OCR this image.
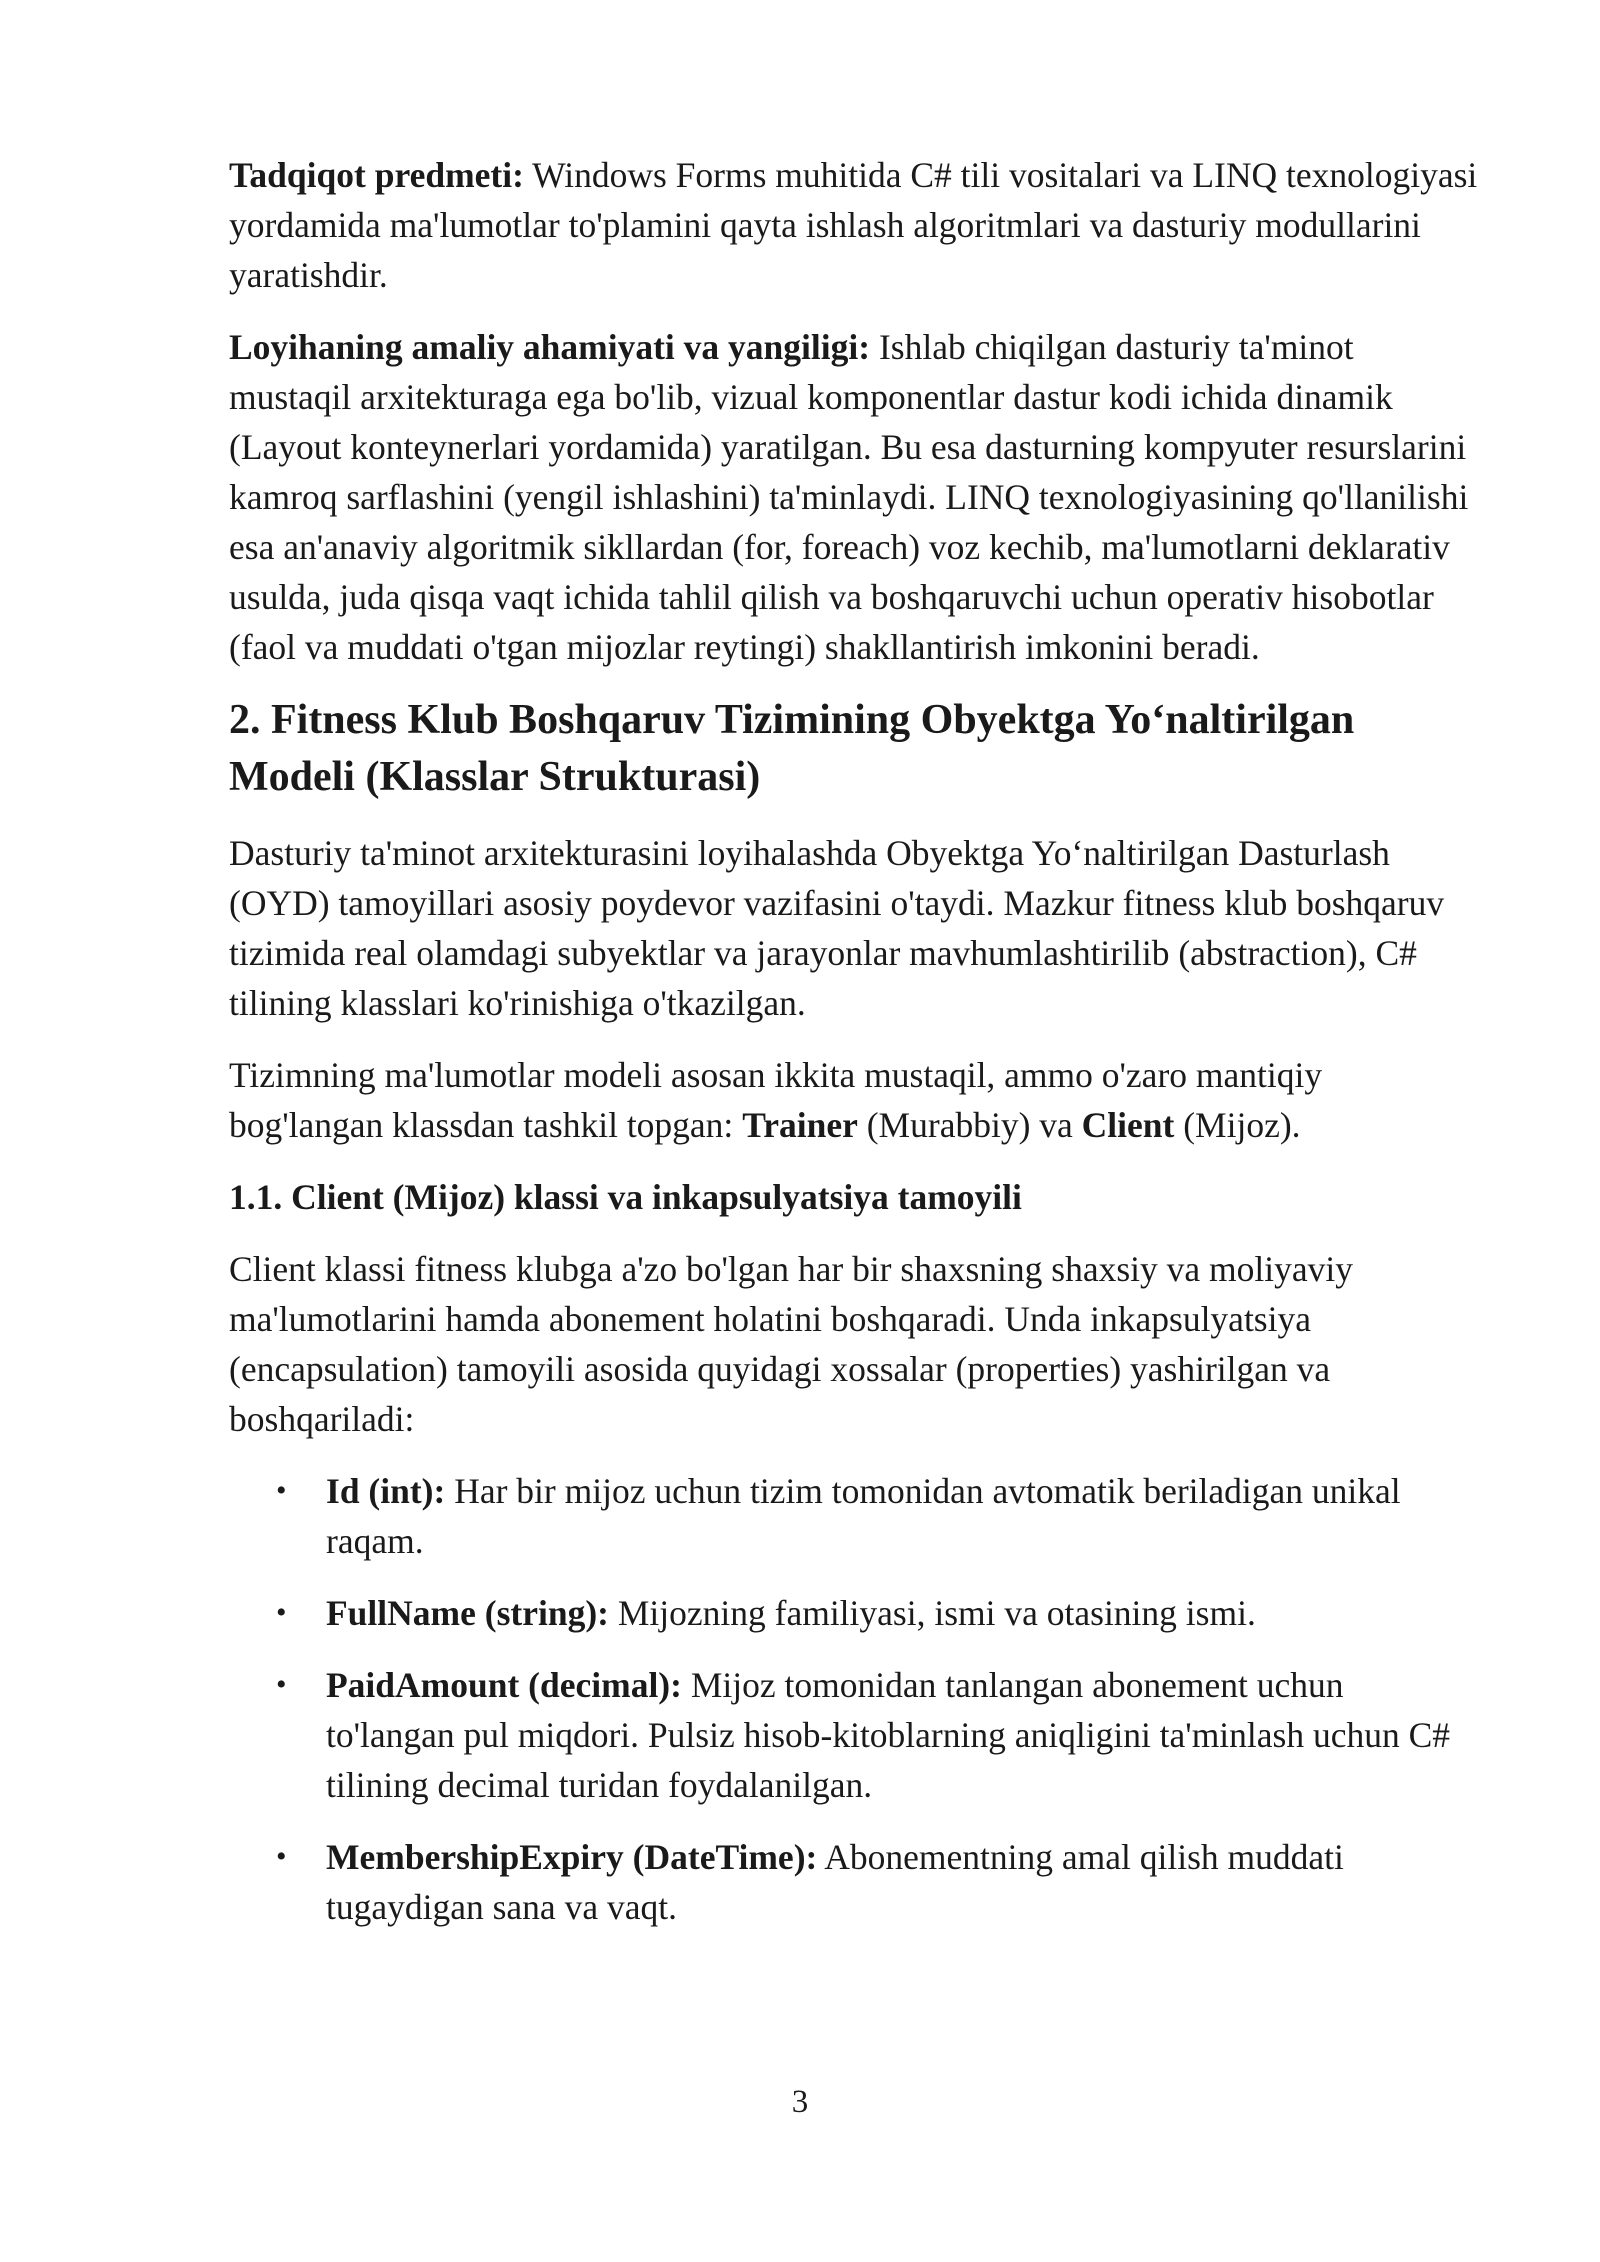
Tadqiqot predmeti: Windows Forms muhitida C# tili vositalari va LINQ texnologiyasi yordamida ma'lumotlar to'plamini qayta ishlash algoritmlari va dasturiy modullarini yaratishdir.

Loyihaning amaliy ahamiyati va yangiligi: Ishlab chiqilgan dasturiy ta'minot mustaqil arxitekturaga ega bo'lib, vizual komponentlar dastur kodi ichida dinamik (Layout konteynerlari yordamida) yaratilgan. Bu esa dasturning kompyuter resurslarini kamroq sarflashini (yengil ishlashini) ta'minlaydi. LINQ texnologiyasining qo'llanilishi esa an'anaviy algoritmik sikllardan (for, foreach) voz kechib, ma'lumotlarni deklarativ usulda, juda qisqa vaqt ichida tahlil qilish va boshqaruvchi uchun operativ hisobotlar (faol va muddati o'tgan mijozlar reytingi) shakllantirish imkonini beradi.

2. Fitness Klub Boshqaruv Tizimining Obyektga Yo‘naltirilgan Modeli (Klasslar Strukturasi)

Dasturiy ta'minot arxitekturasini loyihalashda Obyektga Yo‘naltirilgan Dasturlash (OYD) tamoyillari asosiy poydevor vazifasini o'taydi. Mazkur fitness klub boshqaruv tizimida real olamdagi subyektlar va jarayonlar mavhumlashtirilib (abstraction), C# tilining klasslari ko'rinishiga o'tkazilgan.

Tizimning ma'lumotlar modeli asosan ikkita mustaqil, ammo o'zaro mantiqiy bog'langan klassdan tashkil topgan: Trainer (Murabbiy) va Client (Mijoz).

1.1. Client (Mijoz) klassi va inkapsulyatsiya tamoyili

Client klassi fitness klubga a'zo bo'lgan har bir shaxsning shaxsiy va moliyaviy ma'lumotlarini hamda abonement holatini boshqaradi. Unda inkapsulyatsiya (encapsulation) tamoyili asosida quyidagi xossalar (properties) yashirilgan va boshqariladi:

• Id (int): Har bir mijoz uchun tizim tomonidan avtomatik beriladigan unikal raqam.
• FullName (string): Mijozning familiyasi, ismi va otasining ismi.
• PaidAmount (decimal): Mijoz tomonidan tanlangan abonement uchun to'langan pul miqdori. Pulsiz hisob-kitoblarning aniqligini ta'minlash uchun C# tilining decimal turidan foydalanilgan.
• MembershipExpiry (DateTime): Abonementning amal qilish muddati tugaydigan sana va vaqt.
3
